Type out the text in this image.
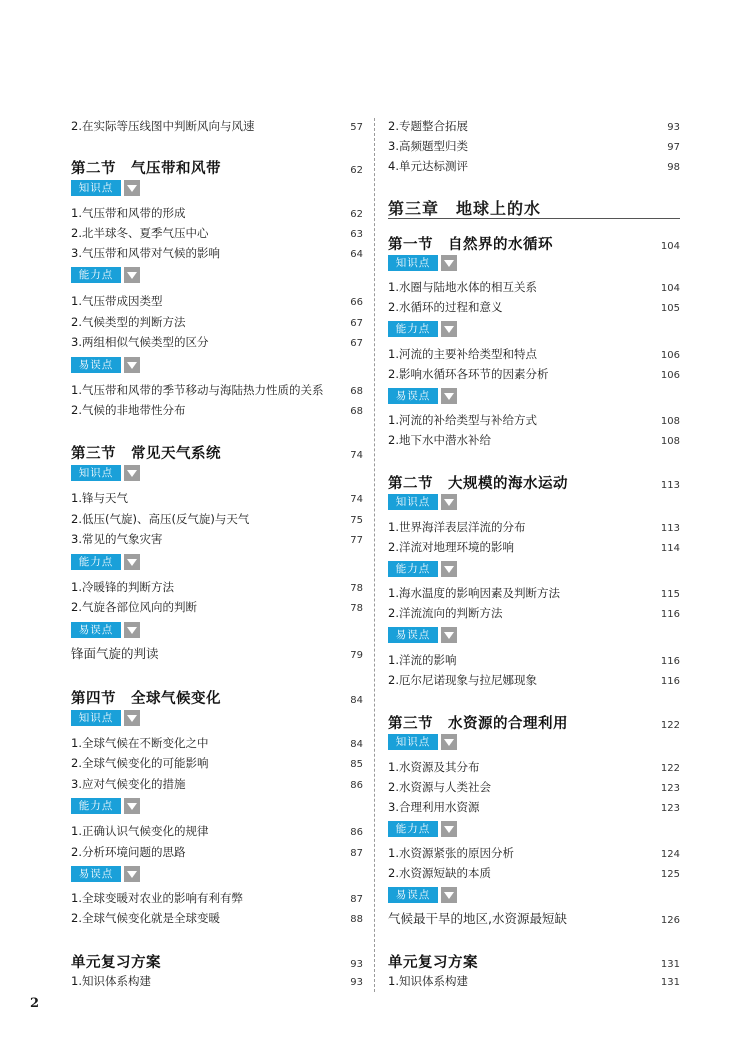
2.在实际等压线图中判断风向与风速	57
第二节　气压带和风带	62
知识点
1.气压带和风带的形成	62
2.北半球冬、夏季气压中心	63
3.气压带和风带对气候的影响	64
能力点
1.气压带成因类型	66
2.气候类型的判断方法	67
3.两组相似气候类型的区分	67
易误点
1.气压带和风带的季节移动与海陆热力性质的关系	68
2.气候的非地带性分布	68
第三节　常见天气系统	74
知识点
1.锋与天气	74
2.低压(气旋)、高压(反气旋)与天气	75
3.常见的气象灾害	77
能力点
1.冷暖锋的判断方法	78
2.气旋各部位风向的判断	78
易误点
锋面气旋的判读	79
第四节　全球气候变化	84
知识点
1.全球气候在不断变化之中	84
2.全球气候变化的可能影响	85
3.应对气候变化的措施	86
能力点
1.正确认识气候变化的规律	86
2.分析环境问题的思路	87
易误点
1.全球变暖对农业的影响有利有弊	87
2.全球气候变化就是全球变暖	88
单元复习方案	93
1.知识体系构建	93
2.专题整合拓展	93
3.高频题型归类	97
4.单元达标测评	98
第三章　地球上的水
第一节　自然界的水循环	104
知识点
1.水圈与陆地水体的相互关系	104
2.水循环的过程和意义	105
能力点
1.河流的主要补给类型和特点	106
2.影响水循环各环节的因素分析	106
易误点
1.河流的补给类型与补给方式	108
2.地下水中潜水补给	108
第二节　大规模的海水运动	113
知识点
1.世界海洋表层洋流的分布	113
2.洋流对地理环境的影响	114
能力点
1.海水温度的影响因素及判断方法	115
2.洋流流向的判断方法	116
易误点
1.洋流的影响	116
2.厄尔尼诺现象与拉尼娜现象	116
第三节　水资源的合理利用	122
知识点
1.水资源及其分布	122
2.水资源与人类社会	123
3.合理利用水资源	123
能力点
1.水资源紧张的原因分析	124
2.水资源短缺的本质	125
易误点
气候最干旱的地区,水资源最短缺	126
单元复习方案	131
1.知识体系构建	131
2
